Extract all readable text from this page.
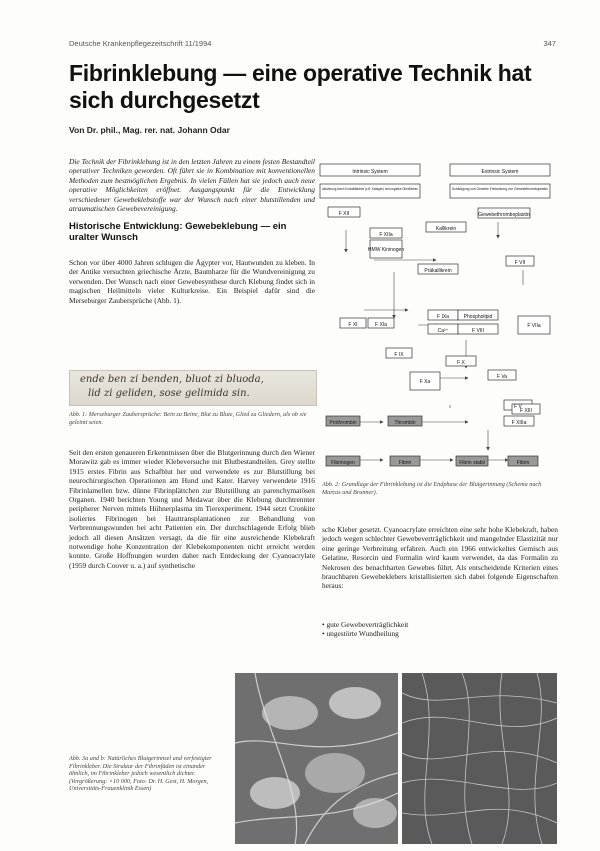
Deutsche Krankenpflegezeitschrift 11/1994	347
Fibrinklebung — eine operative Technik hat sich durchgesetzt
Von Dr. phil., Mag. rer. nat. Johann Odar

Die Technik der Fibrinklebung ist in den letzten Jahren zu einem festen Bestandteil operativer Techniken geworden. Oft führt sie in Kombination mit konventionellen Methoden zum bestmöglichen Ergebnis. In vielen Fällen hat sie jedoch auch neue operative Möglichkeiten eröffnet. Ausgangspunkt für die Entwicklung verschiedener Gewebeklebstoffe war der Wunsch nach einer blutstillenden und atraumatischen Gewebevereinigung.

Historische Entwicklung: Gewebeklebung — ein uralter Wunsch

Schon vor über 4000 Jahren schlugen die Ägypter vor, Hautwunden zu kleben. In der Antike versuchten griechische Ärzte, Baumharze für die Wundvereinigung zu verwenden. Der Wunsch nach einer Gewebesynthese durch Klebung findet sich in magischen Heilmitteln vieler Kulturkreise. Ein Beispiel dafür sind die Merseburger Zaubersprüche (Abb. 1).

ende ben zi benden, bluot zi bluoda,
lid zi geliden, sose gelimida sin.

Abb. 1: Merseburger Zaubersprüche: Bein zu Beine, Blut zu Blute, Glied zu Gliedern, als ob sie geleimt seien.

Seit den ersten genaueren Erkenntnissen über die Blutgerinnung durch den Wiener Morawitz gab es immer wieder Klebeversuche mit Blutbestandteilen. Grey stellte 1915 erstes Fibrin aus Schafblut her und verwendete es zur Blutstillung bei neurochirurgischen Operationen am Hund und Kater. Harvey verwendete 1916 Fibrinlamellen bzw. dünne Fibrinplättchen zur Blutstillung an parenchymatösen Organen. 1940 berichten Young und Medawar über die Klebung durchtrennter peripherer Nerven mittels Hühnerplasma im Tierexperiment. 1944 setzt Cronkite isoliertes Fibrinogen bei Hauttransplantationen zur Behandlung von Verbrennungswunden bei acht Patienten ein. Der durchschlagende Erfolg blieb jedoch all diesen Ansätzen versagt, da die für eine ausreichende Klebekraft notwendige hohe Konzentration der Klebekomponenten nicht erreicht werden konnte. Große Hoffnungen wurden daher nach Entdeckung der Cyanoacrylate (1959 durch Coover u. a.) auf synthetische

Intrinsic System	Extrinsic System
F XII
F XIIa
HMW Kininogen
Kallikrein
Präkallikrein
F XI	F XIa
Gewebethromboplastin
F VII
F VIIa
F IX
F IXa
Ca²⁺
Phospholipid
F VIII
F X
F Xa
F Va
F V
F XIII
Prothrombin	Thrombin	F XIIIa
Fibrinogen	Fibrin	Fibrin stabil	Fibrin
Aktivierung durch Kontaktflächen (z.B. Kollagen) und negative Oberflächen	Schädigung von Gewebe Freisetzung von Gewebethromboplastin

Abb. 2: Grundlage der Fibrinklebung ist die Endphase der Blutgerinnung (Schema nach Marcus und Brunner).

sche Kleber gesetzt. Cyanoacrylate erreichten eine sehr hohe Klebekraft, haben jedoch wegen schlechter Gewebeverträglichkeit und mangelnder Elastizität nur eine geringe Verbreitung erfahren. Auch ein 1966 entwickeltes Gemisch aus Gelatine, Resorcin und Formalin wird kaum verwendet, da das Formalin zu Nekrosen des benachbarten Gewebes führt. Als entscheidende Kriterien eines brauchbaren Gewebeklebers kristallisierten sich dabei folgende Eigenschaften heraus:

• gute Gewebeverträglichkeit
• ungestörte Wundheilung

Abb. 3a und b: Natürliches Blutgerinnsel und verfestigter Fibrinkleber. Die Struktur der Fibrinfäden ist einander ähnlich, im Fibrinkleber jedoch wesentlich dichter. (Vergrößerung: ×10 000, Foto: Dr. H. Gest, H. Morgen, Universitäts-Frauenklinik Essen)
